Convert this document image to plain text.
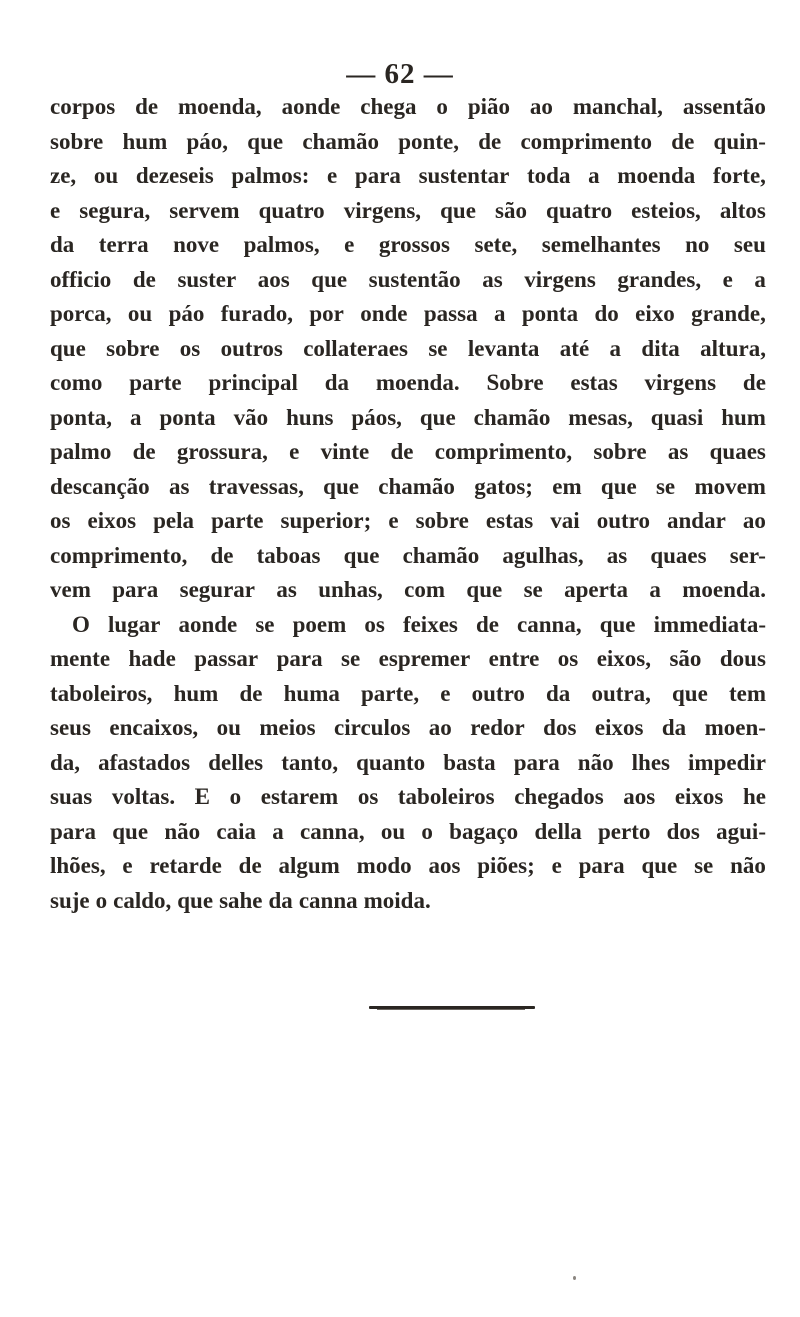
— 62 —
corpos de moenda, aonde chega o pião ao manchal, assentão
sobre hum páo, que chamão ponte, de comprimento de quin-
ze, ou dezeseis palmos: e para sustentar toda a moenda forte,
e segura, servem quatro virgens, que são quatro esteios, altos
da terra nove palmos, e grossos sete, semelhantes no seu
officio de suster aos que sustentão as virgens grandes, e a
porca, ou páo furado, por onde passa a ponta do eixo grande,
que sobre os outros collateraes se levanta até a dita altura,
como parte principal da moenda. Sobre estas virgens de
ponta, a ponta vão huns páos, que chamão mesas, quasi hum
palmo de grossura, e vinte de comprimento, sobre as quaes
descanção as travessas, que chamão gatos; em que se movem
os eixos pela parte superior; e sobre estas vai outro andar ao
comprimento, de taboas que chamão agulhas, as quaes ser-
vem para segurar as unhas, com que se aperta a moenda.
O lugar aonde se poem os feixes de canna, que immediata-
mente hade passar para se espremer entre os eixos, são dous
taboleiros, hum de huma parte, e outro da outra, que tem
seus encaixos, ou meios circulos ao redor dos eixos da moen-
da, afastados delles tanto, quanto basta para não lhes impedir
suas voltas. E o estarem os taboleiros chegados aos eixos he
para que não caia a canna, ou o bagaço della perto dos agui-
lhões, e retarde de algum modo aos piões; e para que se não
suje o caldo, que sahe da canna moida.
